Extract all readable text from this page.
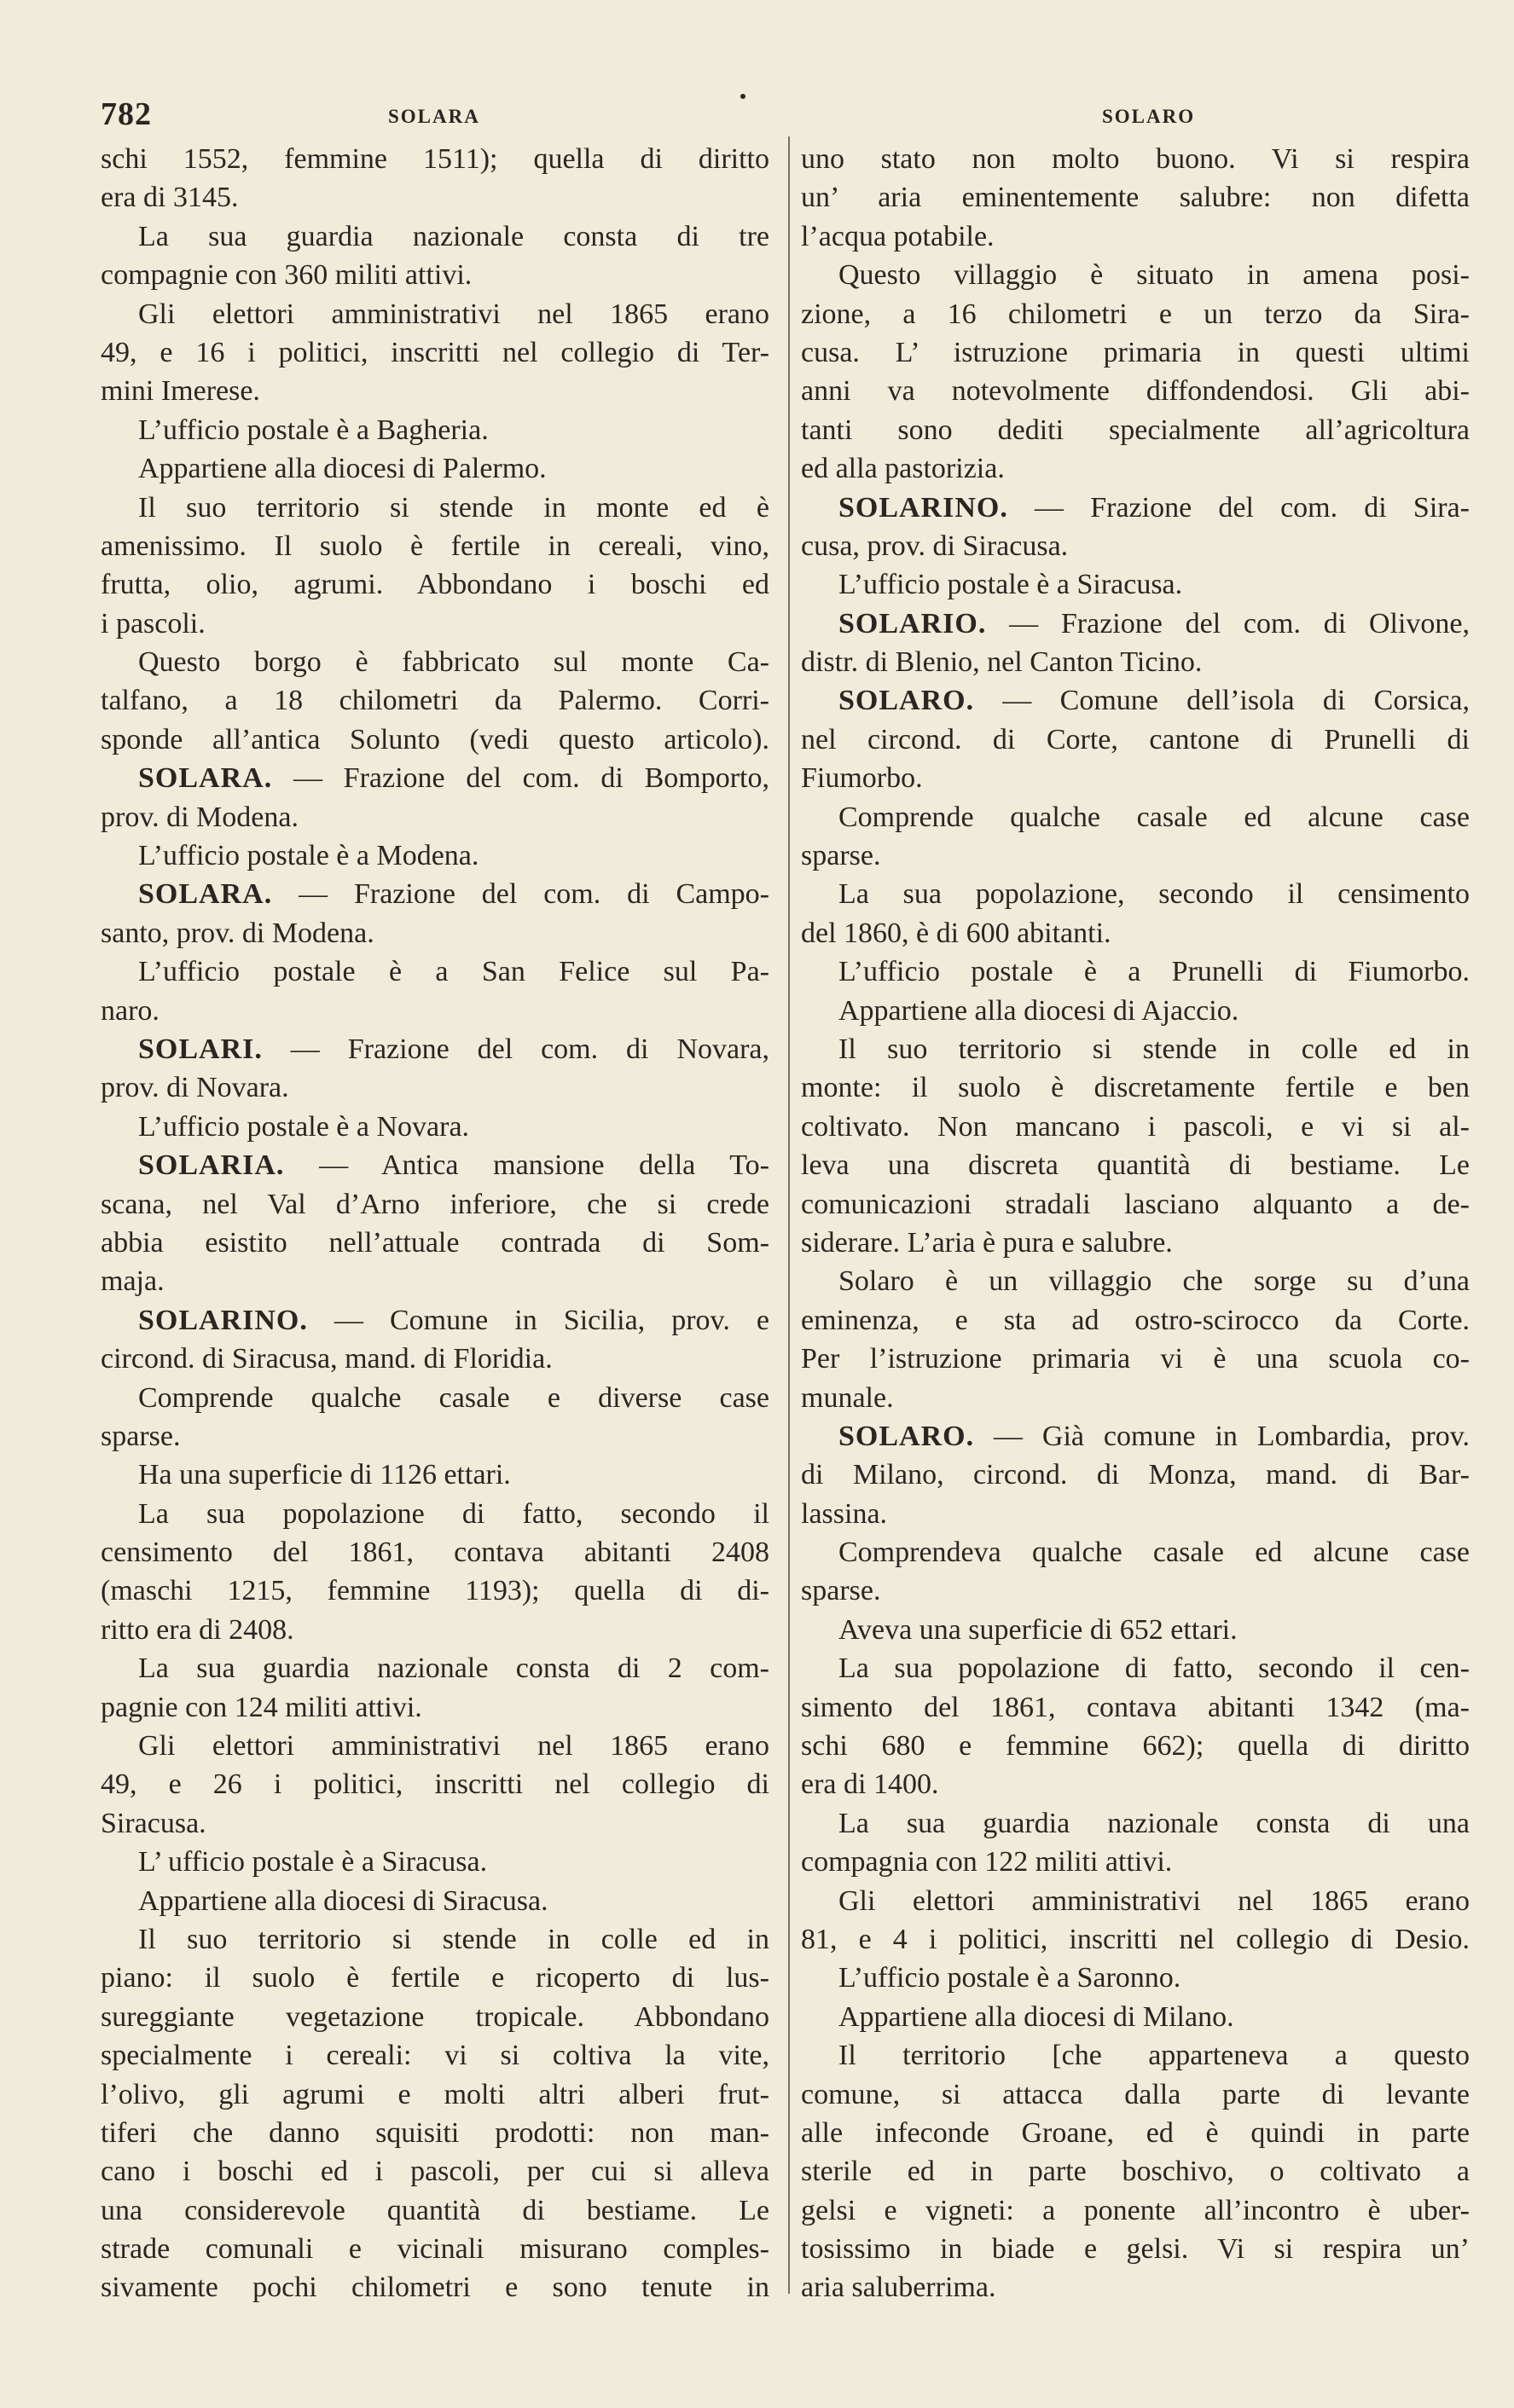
782	SOLARA	SOLARO
schi 1552, femmine 1511); quella di diritto
era di 3145.
La sua guardia nazionale consta di tre
compagnie con 360 militi attivi.
Gli elettori amministrativi nel 1865 erano
49, e 16 i politici, inscritti nel collegio di Ter-
mini Imerese.
L’ufficio postale è a Bagheria.
Appartiene alla diocesi di Palermo.
Il suo territorio si stende in monte ed è
amenissimo. Il suolo è fertile in cereali, vino,
frutta, olio, agrumi. Abbondano i boschi ed
i pascoli.
Questo borgo è fabbricato sul monte Ca-
talfano, a 18 chilometri da Palermo. Corri-
sponde all’antica Solunto (vedi questo articolo).
SOLARA. — Frazione del com. di Bomporto,
prov. di Modena.
L’ufficio postale è a Modena.
SOLARA. — Frazione del com. di Campo-
santo, prov. di Modena.
L’ufficio postale è a San Felice sul Pa-
naro.
SOLARI. — Frazione del com. di Novara,
prov. di Novara.
L’ufficio postale è a Novara.
SOLARIA. — Antica mansione della To-
scana, nel Val d’Arno inferiore, che si crede
abbia esistito nell’attuale contrada di Som-
maja.
SOLARINO. — Comune in Sicilia, prov. e
circond. di Siracusa, mand. di Floridia.
Comprende qualche casale e diverse case
sparse.
Ha una superficie di 1126 ettari.
La sua popolazione di fatto, secondo il
censimento del 1861, contava abitanti 2408
(maschi 1215, femmine 1193); quella di di-
ritto era di 2408.
La sua guardia nazionale consta di 2 com-
pagnie con 124 militi attivi.
Gli elettori amministrativi nel 1865 erano
49, e 26 i politici, inscritti nel collegio di
Siracusa.
L’ ufficio postale è a Siracusa.
Appartiene alla diocesi di Siracusa.
Il suo territorio si stende in colle ed in
piano: il suolo è fertile e ricoperto di lus-
sureggiante vegetazione tropicale. Abbondano
specialmente i cereali: vi si coltiva la vite,
l’olivo, gli agrumi e molti altri alberi frut-
tiferi che danno squisiti prodotti: non man-
cano i boschi ed i pascoli, per cui si alleva
una considerevole quantità di bestiame. Le
strade comunali e vicinali misurano comples-
sivamente pochi chilometri e sono tenute in
uno stato non molto buono. Vi si respira
un’ aria eminentemente salubre: non difetta
l’acqua potabile.
Questo villaggio è situato in amena posi-
zione, a 16 chilometri e un terzo da Sira-
cusa. L’ istruzione primaria in questi ultimi
anni va notevolmente diffondendosi. Gli abi-
tanti sono dediti specialmente all’agricoltura
ed alla pastorizia.
SOLARINO. — Frazione del com. di Sira-
cusa, prov. di Siracusa.
L’ufficio postale è a Siracusa.
SOLARIO. — Frazione del com. di Olivone,
distr. di Blenio, nel Canton Ticino.
SOLARO. — Comune dell’isola di Corsica,
nel circond. di Corte, cantone di Prunelli di
Fiumorbo.
Comprende qualche casale ed alcune case
sparse.
La sua popolazione, secondo il censimento
del 1860, è di 600 abitanti.
L’ufficio postale è a Prunelli di Fiumorbo.
Appartiene alla diocesi di Ajaccio.
Il suo territorio si stende in colle ed in
monte: il suolo è discretamente fertile e ben
coltivato. Non mancano i pascoli, e vi si al-
leva una discreta quantità di bestiame. Le
comunicazioni stradali lasciano alquanto a de-
siderare. L’aria è pura e salubre.
Solaro è un villaggio che sorge su d’una
eminenza, e sta ad ostro-scirocco da Corte.
Per l’istruzione primaria vi è una scuola co-
munale.
SOLARO. — Già comune in Lombardia, prov.
di Milano, circond. di Monza, mand. di Bar-
lassina.
Comprendeva qualche casale ed alcune case
sparse.
Aveva una superficie di 652 ettari.
La sua popolazione di fatto, secondo il cen-
simento del 1861, contava abitanti 1342 (ma-
schi 680 e femmine 662); quella di diritto
era di 1400.
La sua guardia nazionale consta di una
compagnia con 122 militi attivi.
Gli elettori amministrativi nel 1865 erano
81, e 4 i politici, inscritti nel collegio di Desio.
L’ufficio postale è a Saronno.
Appartiene alla diocesi di Milano.
Il territorio [che apparteneva a questo
comune, si attacca dalla parte di levante
alle infeconde Groane, ed è quindi in parte
sterile ed in parte boschivo, o coltivato a
gelsi e vigneti: a ponente all’incontro è uber-
tosissimo in biade e gelsi. Vi si respira un’
aria saluberrima.
